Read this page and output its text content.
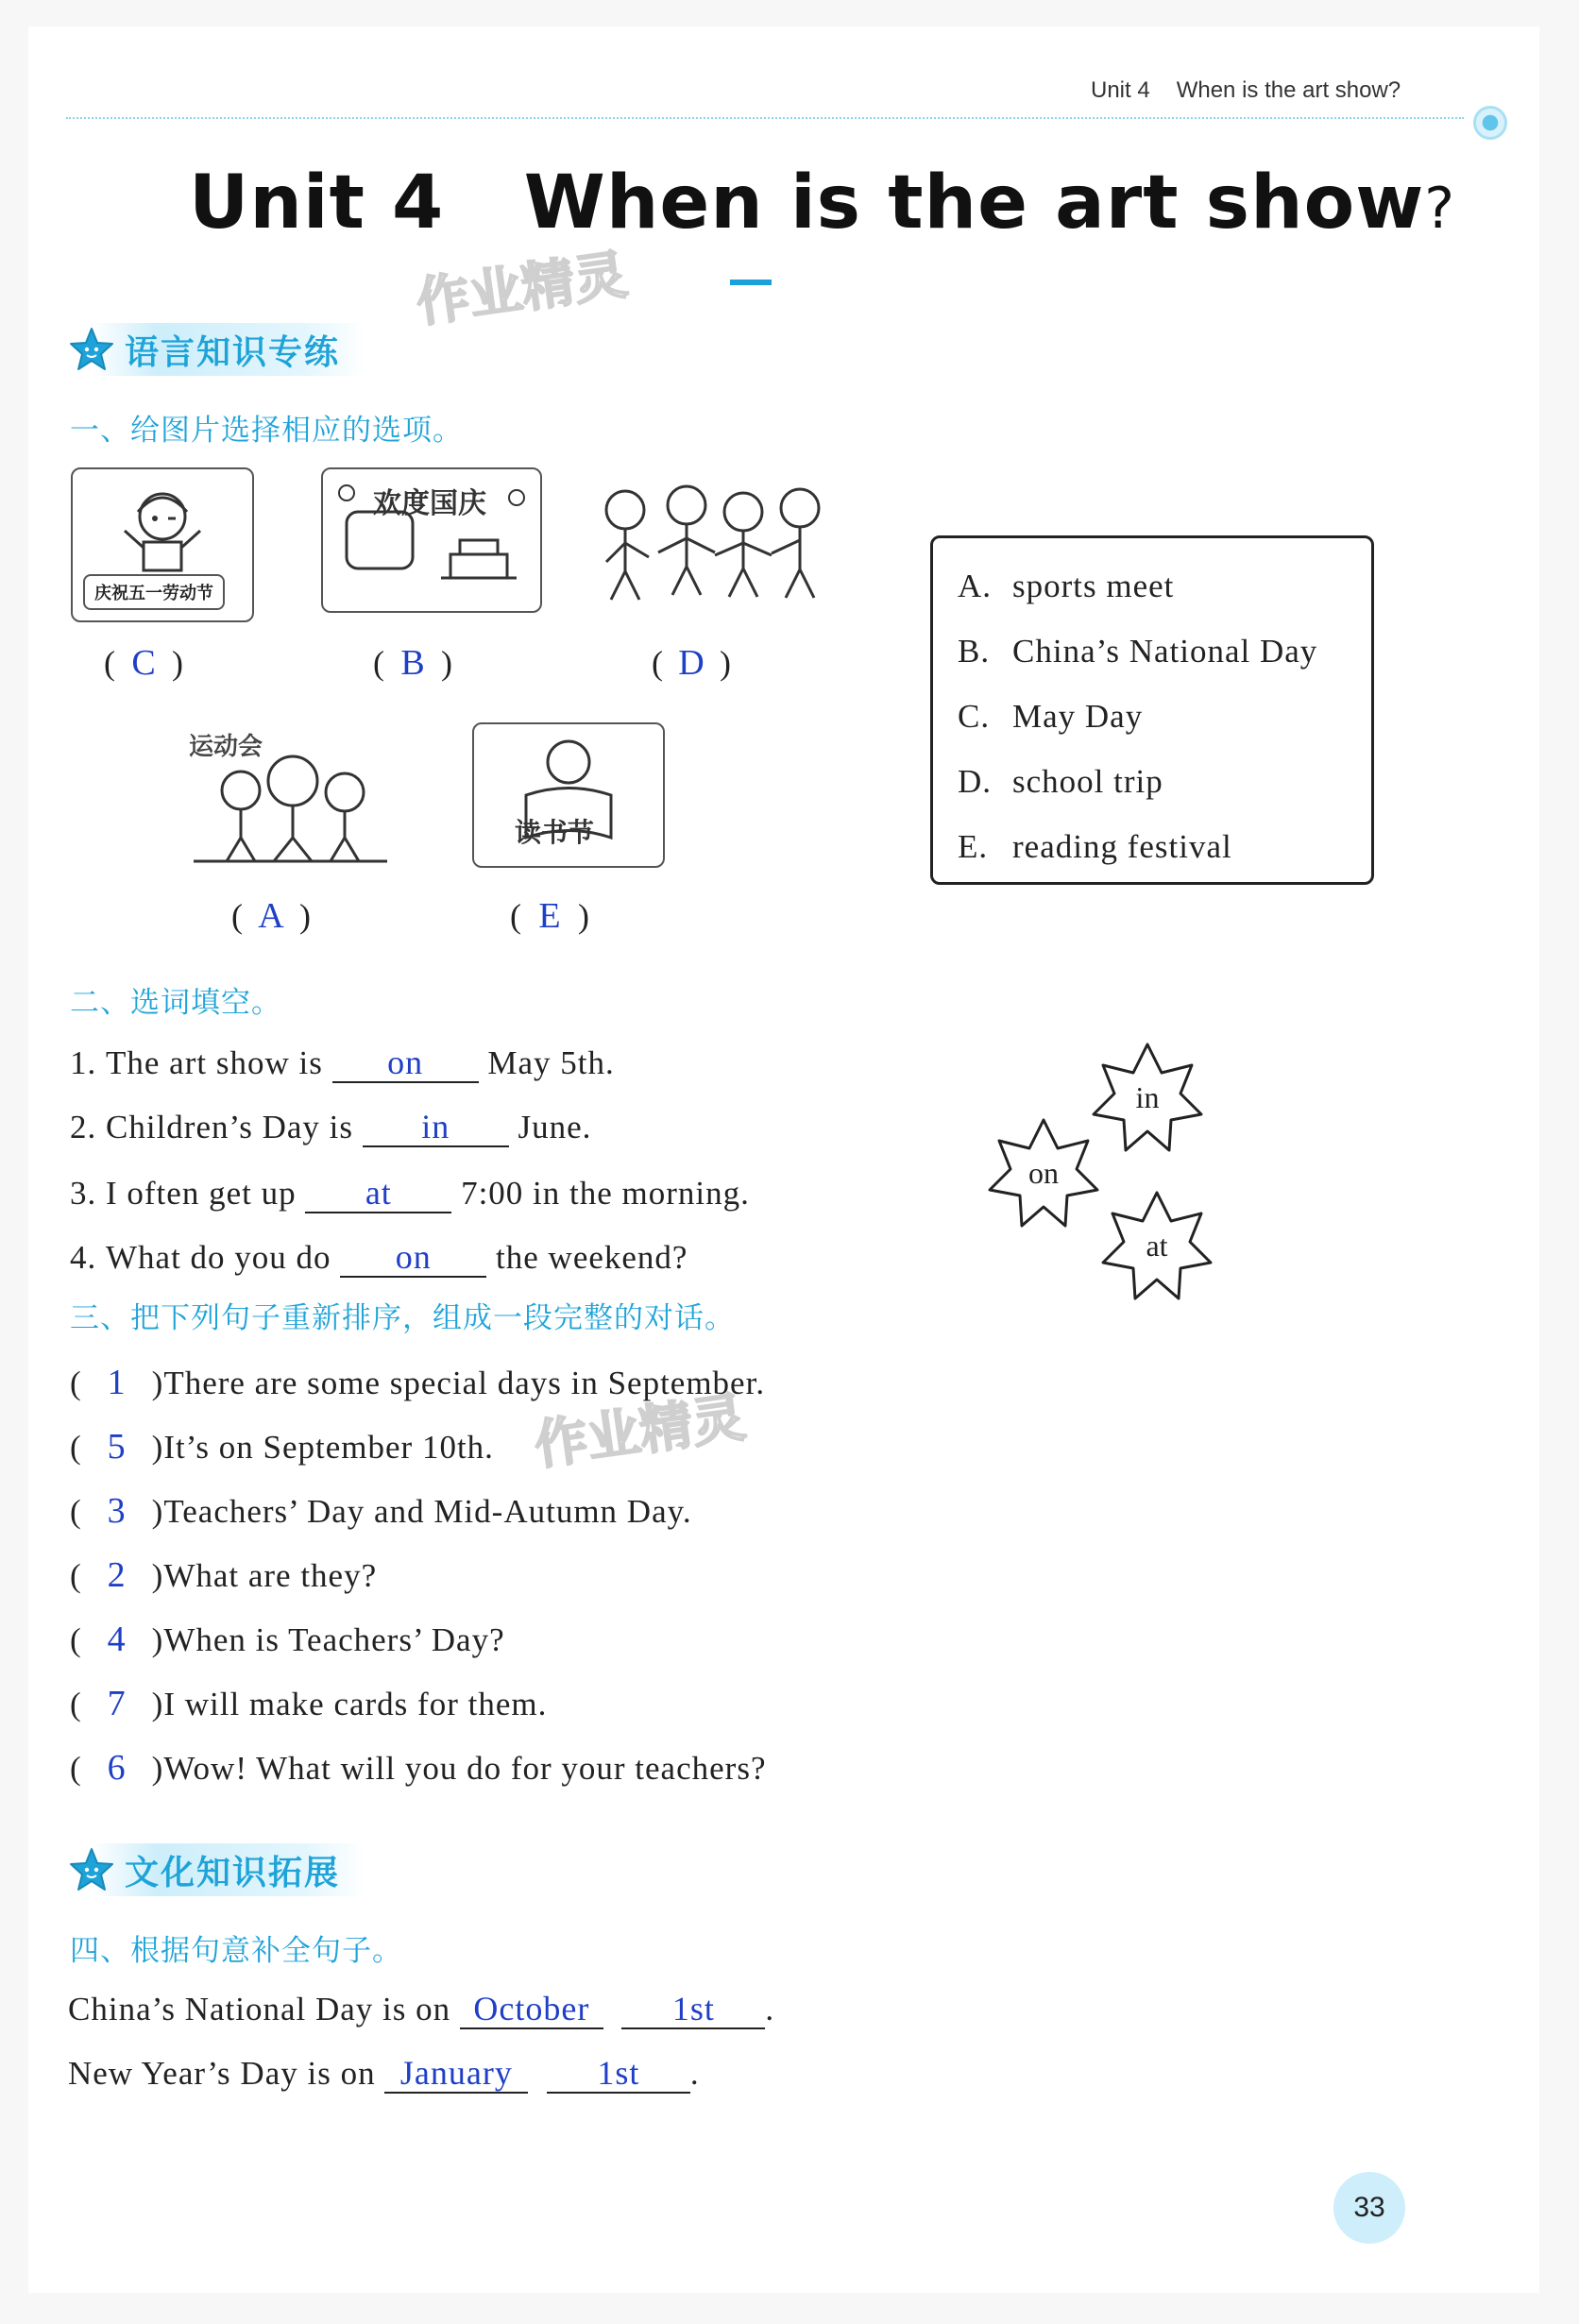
Unit 4 When is the art show?
Unit 4 When is the art show?
作业精灵
语言知识专练
一、给图片选择相应的选项。
庆祝五一劳动节
欢度国庆
( C )	( B )	( D )
运动会
读书节
( A )	( E )
A. sports meet
B. China’s National Day
C. May Day
D. school trip
E. reading festival
二、选词填空。
1. The art show is on May 5th.
2. Children’s Day is in June.
3. I often get up at 7:00 in the morning.
4. What do you do on the weekend?
in
on
at
三、把下列句子重新排序，组成一段完整的对话。
( 1 )There are some special days in September.
( 5 )It’s on September 10th.
( 3 )Teachers’ Day and Mid-Autumn Day.
( 2 )What are they?
( 4 )When is Teachers’ Day?
( 7 )I will make cards for them.
( 6 )Wow! What will you do for your teachers?
作业精灵
文化知识拓展
四、根据句意补全句子。
China’s National Day is on October 1st .
New Year’s Day is on January 1st .
33
